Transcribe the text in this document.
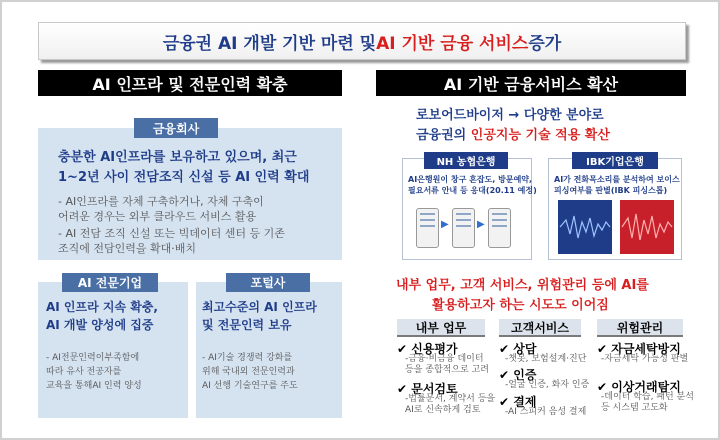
금융권 AI 개발 기반 마련 및 AI 기반 금융 서비스 증가
AI 인프라 및 전문인력 확충
금융회사
충분한 AI인프라를 보유하고 있으며, 최근
1~2년 사이 전담조직 신설 등 AI 인력 확대
- AI인프라를 자체 구축하거나, 자체 구축이
어려운 경우는 외부 클라우드 서비스 활용
- AI 전담 조직 신설 또는 빅데이터 센터 등 기존
조직에 전담인력을 확대·배치
AI 전문기업
AI 인프라 지속 확충,
AI 개발 양성에 집중
- AI전문인력이부족함에
따라 유사 전공자를
교육을 통해AI 인력 양성
포털사
최고수준의 AI 인프라
및 전문인력 보유
- AI기술 경쟁력 강화를
위해 국내외 전문인력과
AI 선행 기술연구를 주도
AI 기반 금융서비스 확산
로보어드바이저 → 다양한 분야로
금융권의 인공지능 기술 적용 확산
NH 농협은행
AI은행원이 창구 혼잡도, 방문예약,
필요서류 안내 등 응대(20.11 예정)
▶	▶
IBK기업은행
AI가 전화목소리를 분석하여 보이스
피싱여부를 판별(IBK 피싱스톱)
내부 업무, 고객 서비스, 위험관리 등에 AI를
활용하고자 하는 시도도 이어짐
내부 업무	고객서비스	위험관리
✔ 신용평가
-금융·비금융 데이터
등을 종합적으로 고려
✔ 문서검토
-법률문서, 계약서 등을
AI로 신속하게 검토
✔ 상담
-챗봇, 보험설계·진단
✔ 인증
-얼굴 인증, 화자 인증
✔ 결제
-AI 스피커 음성 결제
✔ 자금세탁방지
-자금세탁 가능성 판별
✔ 이상거래탐지
-데이터 학습, 패턴 분석
등 시스템 고도화
